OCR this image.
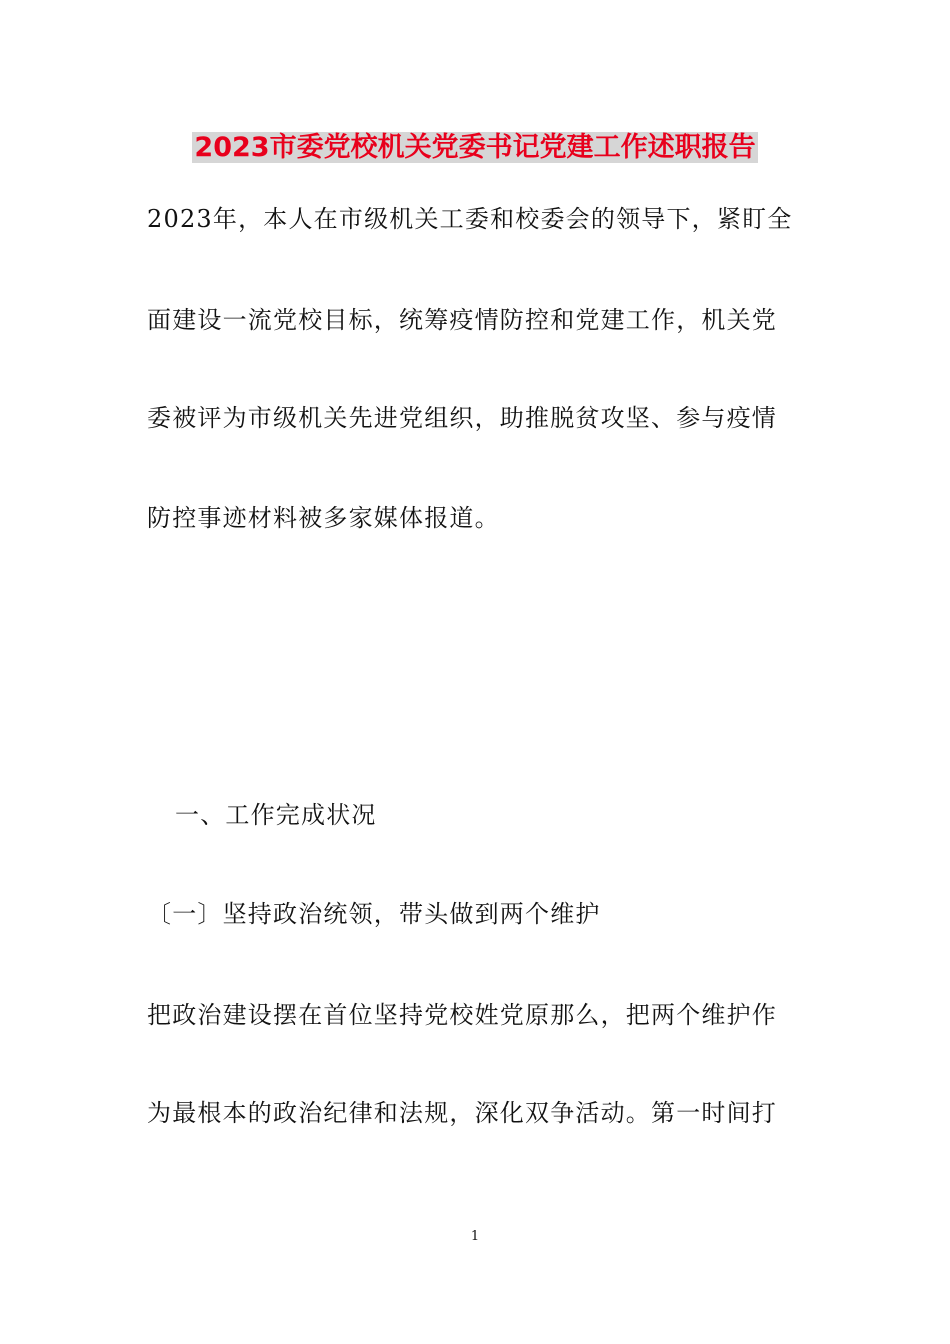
2023市委党校机关党委书记党建工作述职报告
2023年，本人在市级机关工委和校委会的领导下，紧盯全
面建设一流党校目标，统筹疫情防控和党建工作，机关党
委被评为市级机关先进党组织，助推脱贫攻坚、参与疫情
防控事迹材料被多家媒体报道。
一、工作完成状况
〔一〕坚持政治统领，带头做到两个维护
把政治建设摆在首位坚持党校姓党原那么，把两个维护作
为最根本的政治纪律和法规，深化双争活动。第一时间打
1
